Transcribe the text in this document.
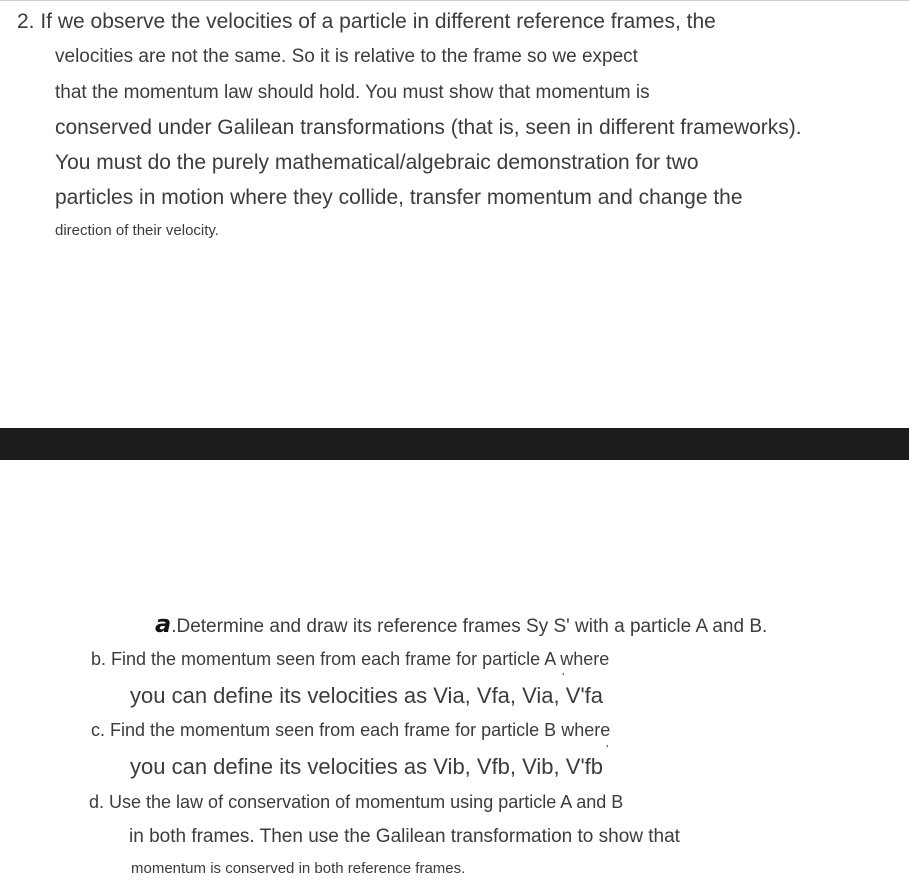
2. If we observe the velocities of a particle in different reference frames, the
velocities are not the same. So it is relative to the frame so we expect
that the momentum law should hold. You must show that momentum is
conserved under Galilean transformations (that is, seen in different frameworks).
You must do the purely mathematical/algebraic demonstration for two
particles in motion where they collide, transfer momentum and change the
direction of their velocity.
a.Determine and draw its reference frames Sy S' with a particle A and B.
b. Find the momentum seen from each frame for particle A where
you can define its velocities as Via, Vfa, Via, V'fa
ʼ
c. Find the momentum seen from each frame for particle B where
you can define its velocities as Vib, Vfb, Vib, V'fb
ʼ
d. Use the law of conservation of momentum using particle A and B
in both frames. Then use the Galilean transformation to show that
momentum is conserved in both reference frames.
